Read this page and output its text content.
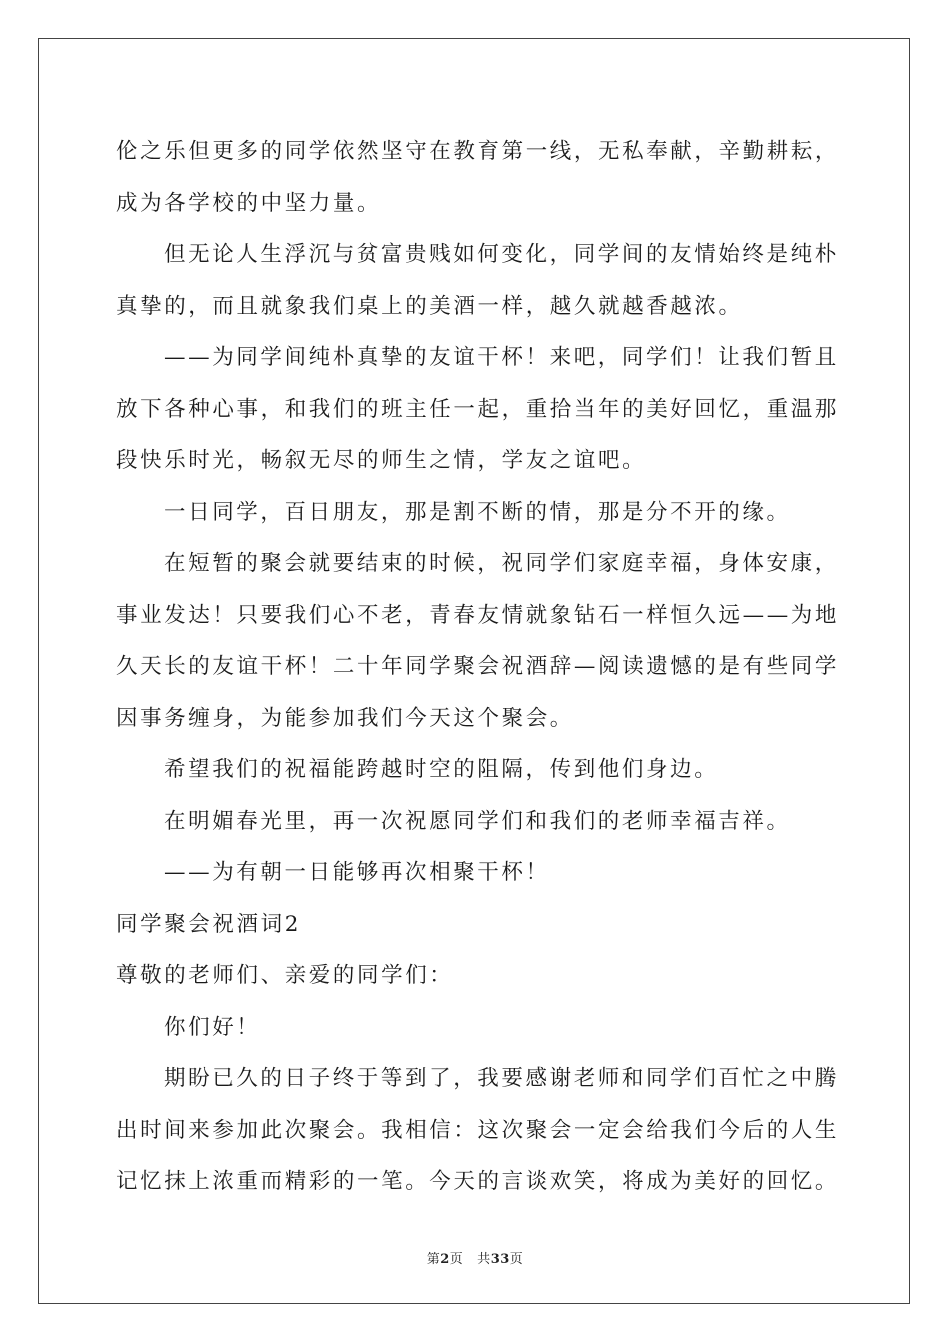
伦之乐但更多的同学依然坚守在教育第一线，无私奉献，辛勤耕耘，
成为各学校的中坚力量。
但无论人生浮沉与贫富贵贱如何变化，同学间的友情始终是纯朴
真挚的，而且就象我们桌上的美酒一样，越久就越香越浓。
——为同学间纯朴真挚的友谊干杯！来吧，同学们！让我们暂且
放下各种心事，和我们的班主任一起，重拾当年的美好回忆，重温那
段快乐时光，畅叙无尽的师生之情，学友之谊吧。
一日同学，百日朋友，那是割不断的情，那是分不开的缘。
在短暂的聚会就要结束的时候，祝同学们家庭幸福，身体安康，
事业发达！只要我们心不老，青春友情就象钻石一样恒久远——为地
久天长的友谊干杯！二十年同学聚会祝酒辞—阅读遗憾的是有些同学
因事务缠身，为能参加我们今天这个聚会。
希望我们的祝福能跨越时空的阻隔，传到他们身边。
在明媚春光里，再一次祝愿同学们和我们的老师幸福吉祥。
——为有朝一日能够再次相聚干杯！
同学聚会祝酒词2
尊敬的老师们、亲爱的同学们：
你们好！
期盼已久的日子终于等到了，我要感谢老师和同学们百忙之中腾
出时间来参加此次聚会。我相信：这次聚会一定会给我们今后的人生
记忆抹上浓重而精彩的一笔。今天的言谈欢笑，将成为美好的回忆。
第2页 共33页
